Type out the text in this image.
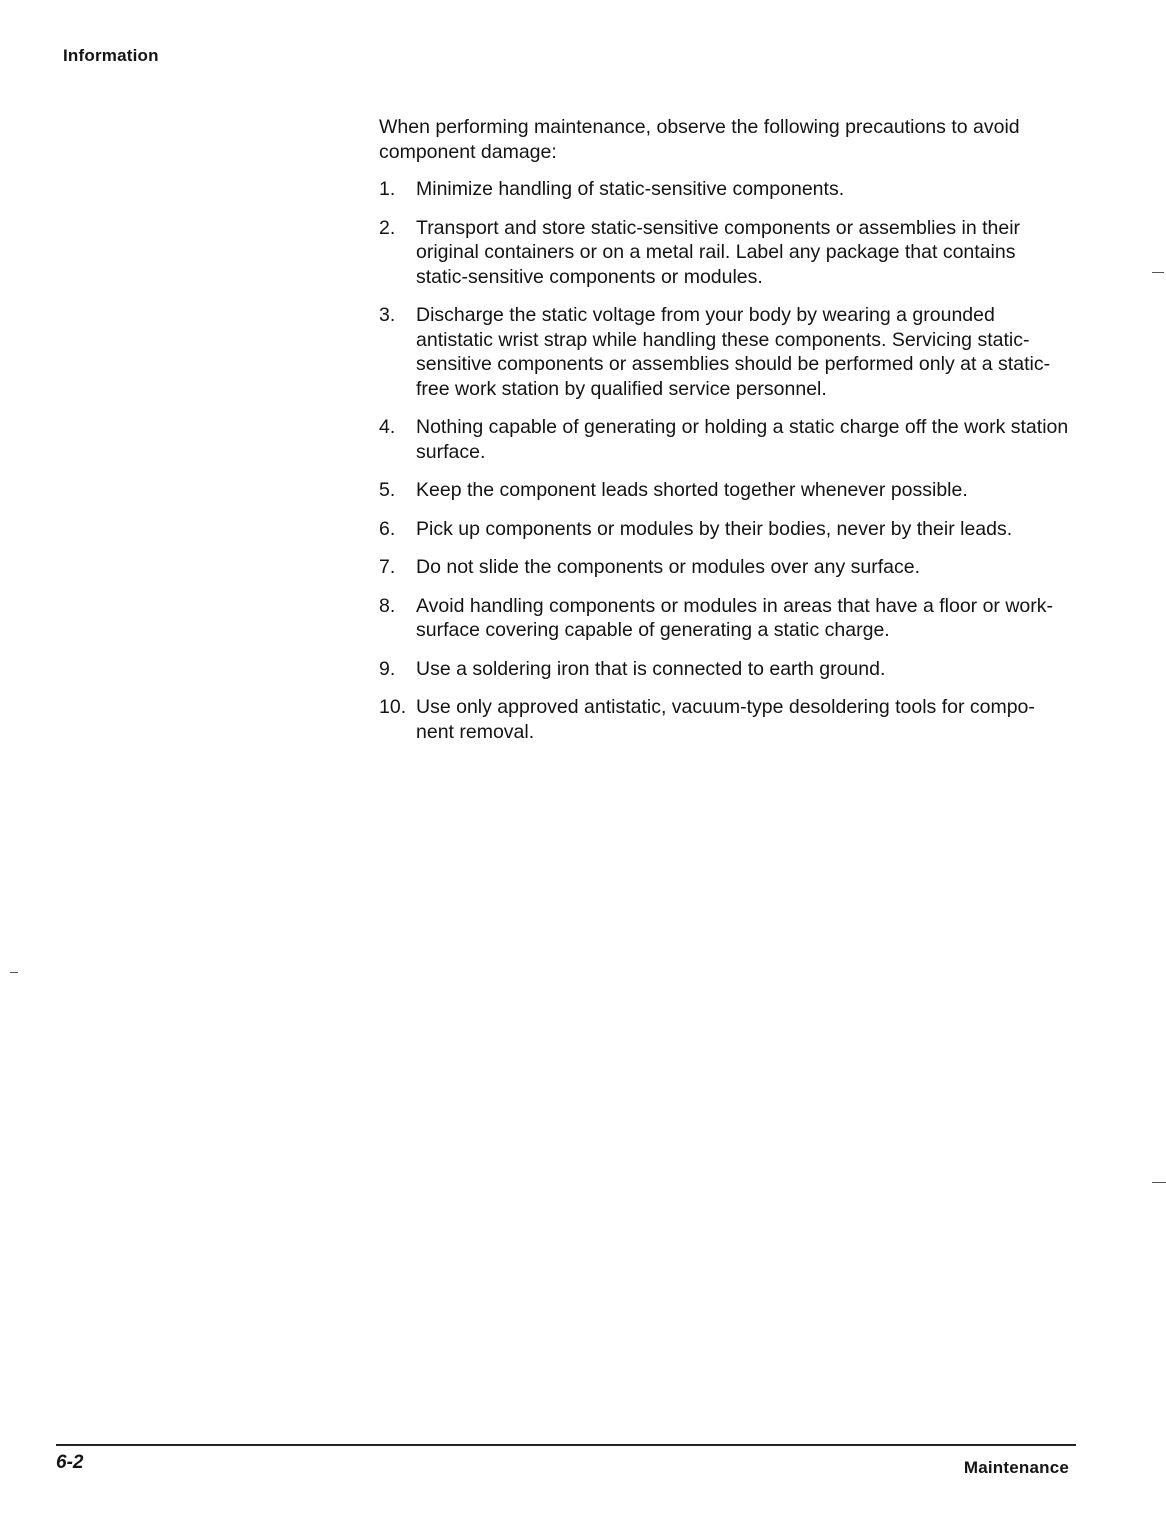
Information

When performing maintenance, observe the following precautions to avoid component damage:

1.	Minimize handling of static-sensitive components.
2.	Transport and store static-sensitive components or assemblies in their original containers or on a metal rail. Label any package that contains static-sensitive components or modules.
3.	Discharge the static voltage from your body by wearing a grounded antistatic wrist strap while handling these components. Servicing static-sensitive components or assemblies should be performed only at a static-free work station by qualified service personnel.
4.	Nothing capable of generating or holding a static charge off the work station surface.
5.	Keep the component leads shorted together whenever possible.
6.	Pick up components or modules by their bodies, never by their leads.
7.	Do not slide the components or modules over any surface.
8.	Avoid handling components or modules in areas that have a floor or work-surface covering capable of generating a static charge.
9.	Use a soldering iron that is connected to earth ground.
10. Use only approved antistatic, vacuum-type desoldering tools for compo-nent removal.
6-2	Maintenance
